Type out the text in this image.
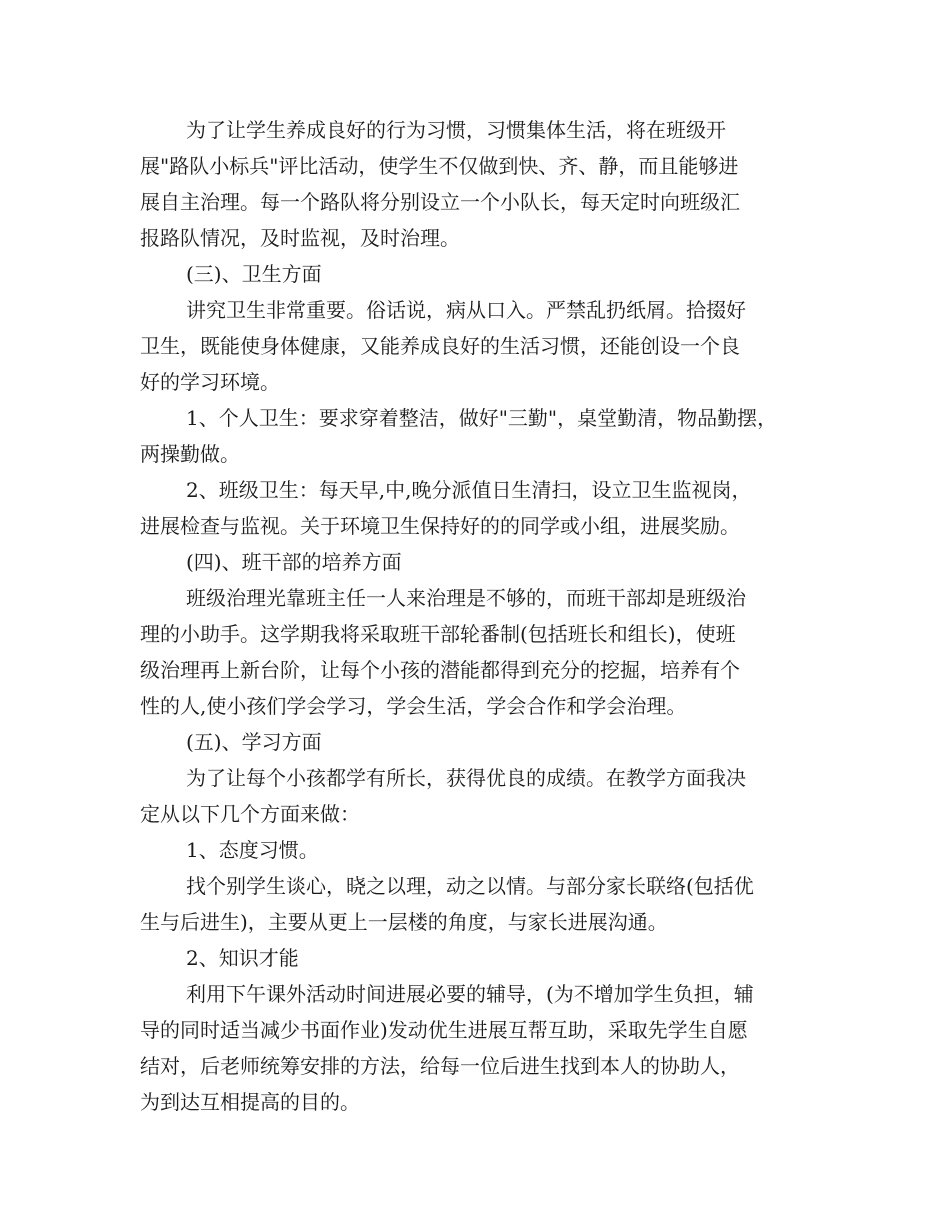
为了让学生养成良好的行为习惯，习惯集体生活，将在班级开
展"路队小标兵"评比活动，使学生不仅做到快、齐、静，而且能够进
展自主治理。每一个路队将分别设立一个小队长，每天定时向班级汇
报路队情况，及时监视，及时治理。
(三)、卫生方面
讲究卫生非常重要。俗话说，病从口入。严禁乱扔纸屑。拾掇好
卫生，既能使身体健康，又能养成良好的生活习惯，还能创设一个良
好的学习环境。
1、个人卫生：要求穿着整洁，做好"三勤"，桌堂勤清，物品勤摆，
两操勤做。
2、班级卫生：每天早,中,晚分派值日生清扫，设立卫生监视岗，
进展检查与监视。关于环境卫生保持好的的同学或小组，进展奖励。
(四)、班干部的培养方面
班级治理光靠班主任一人来治理是不够的，而班干部却是班级治
理的小助手。这学期我将采取班干部轮番制(包括班长和组长)，使班
级治理再上新台阶，让每个小孩的潜能都得到充分的挖掘，培养有个
性的人,使小孩们学会学习，学会生活，学会合作和学会治理。
(五)、学习方面
为了让每个小孩都学有所长，获得优良的成绩。在教学方面我决
定从以下几个方面来做：
1、态度习惯。
找个别学生谈心，晓之以理，动之以情。与部分家长联络(包括优
生与后进生)，主要从更上一层楼的角度，与家长进展沟通。
2、知识才能
利用下午课外活动时间进展必要的辅导，(为不增加学生负担，辅
导的同时适当减少书面作业)发动优生进展互帮互助，采取先学生自愿
结对，后老师统筹安排的方法，给每一位后进生找到本人的协助人，
为到达互相提高的目的。
